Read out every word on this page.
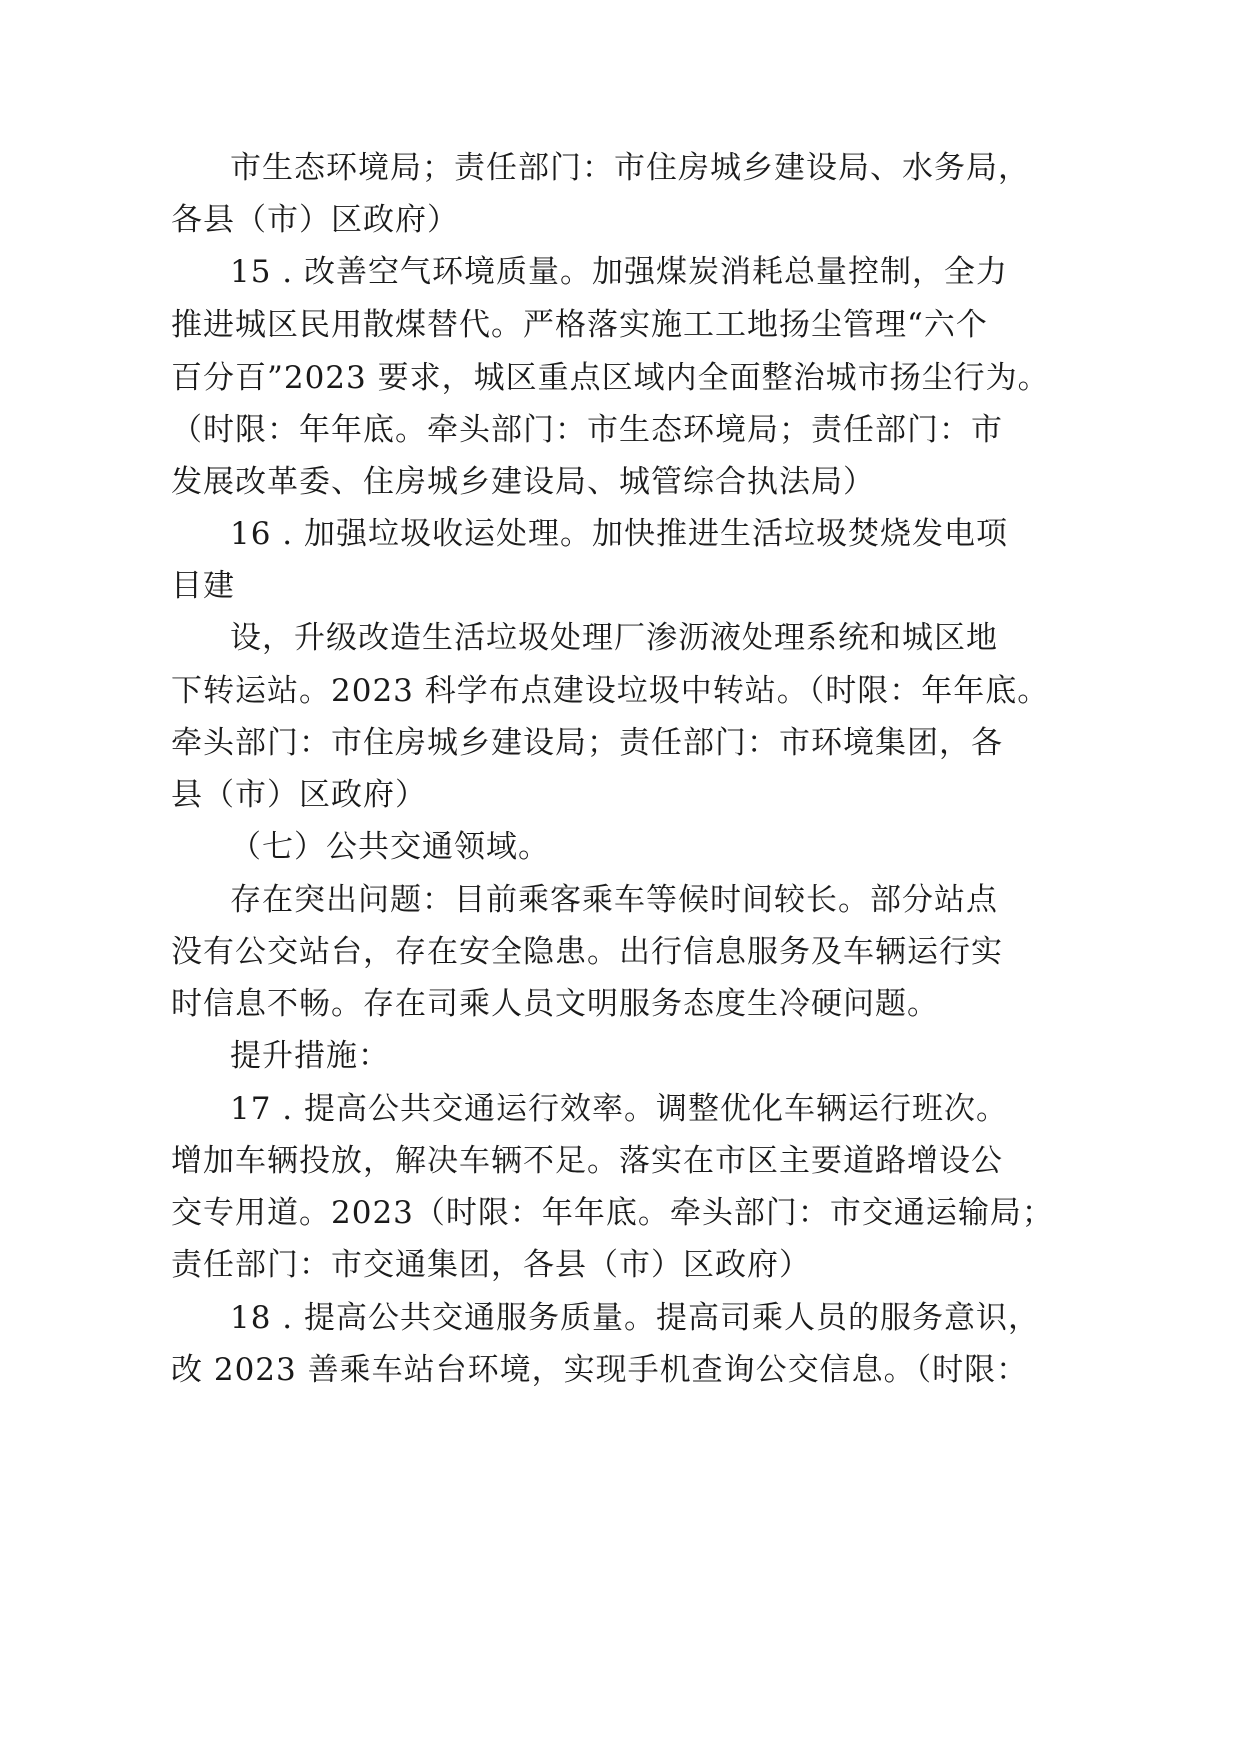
市生态环境局；责任部门：市住房城乡建设局、水务局，
各县（市）区政府）
15 . 改善空气环境质量。加强煤炭消耗总量控制，全力
推进城区民用散煤替代。严格落实施工工地扬尘管理“六个
百分百”2023 要求，城区重点区域内全面整治城市扬尘行为。
（时限：年年底。牵头部门：市生态环境局；责任部门：市
发展改革委、住房城乡建设局、城管综合执法局）
16 . 加强垃圾收运处理。加快推进生活垃圾焚烧发电项
目建
设，升级改造生活垃圾处理厂渗沥液处理系统和城区地
下转运站。2023 科学布点建设垃圾中转站。（时限：年年底。
牵头部门：市住房城乡建设局；责任部门：市环境集团，各
县（市）区政府）
（七）公共交通领域。
存在突出问题：目前乘客乘车等候时间较长。部分站点
没有公交站台，存在安全隐患。出行信息服务及车辆运行实
时信息不畅。存在司乘人员文明服务态度生冷硬问题。
提升措施：
17 . 提高公共交通运行效率。调整优化车辆运行班次。
增加车辆投放，解决车辆不足。落实在市区主要道路增设公
交专用道。2023（时限：年年底。牵头部门：市交通运输局；
责任部门：市交通集团，各县（市）区政府）
18 . 提高公共交通服务质量。提高司乘人员的服务意识，
改 2023 善乘车站台环境，实现手机查询公交信息。（时限：
